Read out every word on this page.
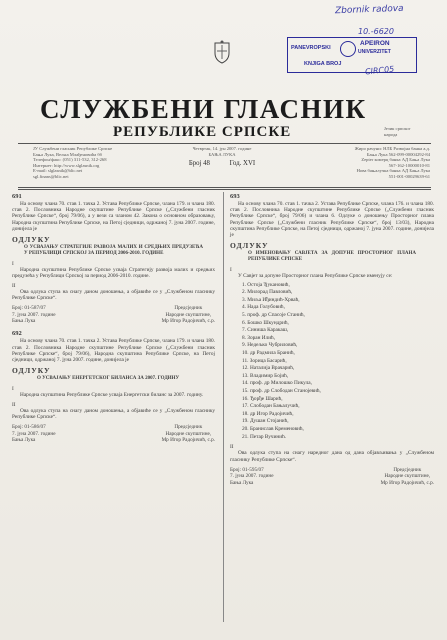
Zbornik radova
10.-6620
CIRC05
PANEVROPSKI
APEIRON
UNIVERZITET
KNJIGA BROJ
СЛУЖБЕНИ ГЛАСНИК
РЕПУБЛИКЕ СРПСКЕ	Језик српског народа
ЈУ Службени гласник Републике Српске
Бања Лука, Вељка Млађеновића бб
Телефон/факс: (051) 311-532, 312-268
Интернет: http://www.slglasnik.org
E-mail: slglasnik@blic.net
sgl.finans@blic.net
Четвртак, 14. јун 2007. године
БАЊА ЛУКА
Број 48	Год. XVI
Жиро рачуни: НЛБ Развојна банка а.д.
Бања Лука 562-099-00004292-84
Zepter комерц банка АД Бања Лука
567-162-10000010-81
Нова бањалучка банка АД Бања Лука
551-001-00029639-61

691

На основу члана 70. став 1. тачка 2. Устава Републике Српске, члана 179. и члана 180. став 2. Пословника Народне скупштине Републике Српске („Службени гласник Републике Српске“, број 79/06), а у вези са чланом 42. Закона о основном образовању, Народна скупштина Републике Српске, на Петој сједници, одржаној 7. јуна 2007. године, донијела је

ОДЛУКУ

О УСВАЈАЊУ СТРАТЕГИЈЕ РАЗВОЈА МАЛИХ И СРЕДЊИХ ПРЕДУЗЕЋА У РЕПУБЛИЦИ СРПСКОЈ ЗА ПЕРИОД 2006-2010. ГОДИНЕ

I

Народна скупштина Републике Српске усваја Стратегију развоја малих и средњих предузећа у Републици Српској за период 2006-2010. године.

II

Ова одлука ступа на снагу даном доношења, а објавиће се у „Службеном гласнику Републике Српске“.

Број: 01-587/07
7. јуна 2007. године
Бања Лука
Предсједник
Народне скупштине,
Мр Игор Радојичић, с.р.

692

На основу члана 70. став 1. тачка 2. Устава Републике Српске, члана 179. и члана 180. став 2. Пословника Народне скупштине Републике Српске („Службени гласник Републике Српске“, број 79/06), Народна скупштина Републике Српске, на Петој сједници, одржаној 7. јуна 2007. године, донијела је

ОДЛУКУ

О УСВАЈАЊУ ЕНЕРГЕТСКОГ БИЛАНСА ЗА 2007. ГОДИНУ

I

Народна скупштина Републике Српске усваја Енергетски биланс за 2007. годину.

II

Ова одлука ступа на снагу даном доношења, а објавиће се у „Службеном гласнику Републике Српске“.

Број: 01-586/07
7. јуна 2007. године
Бања Лука
Предсједник
Народне скупштине,
Мр Игор Радојичић, с.р.

693

На основу члана 70. став 1. тачка 2. Устава Републике Српске, члана 176. и члана 180. став 2. Пословника Народне скупштине Републике Српске („Службени гласник Републике Српске“, број 79/06) и члана 6. Одлуке о доношењу Просторног плана Републике Српске („Службени гласник Републике Српске“, број 13/03), Народна скупштина Републике Српске, на Петој сједници, одржаној 7. јуна 2007. године, донијела је

ОДЛУКУ

О ИМЕНОВАЊУ САВЈЕТА ЗА ДОПУНЕ ПРОСТОРНОГ ПЛАНА РЕПУБЛИКЕ СРПСКЕ

I

У Савјет за допуне Просторног плана Републике Српске именују се:

1. Остоја Ђукановић,
2. Милорад Павловић,
3. Миља Иђиндић-Хрваћ,
4. Нада Голубовић,
5. проф. др Спасоје Станић,
6. Бошко Шкундрић,
7. Синиша Каракаш,
8. Зоран Илић,
9. Недељко Чубриловић,
10. др Радмила Бранић,
11. Зорица Басарић,
12. Наталија Врачарић,
13. Владимир Бојић,
14. проф. др Милошко Пикула,
15. проф. др Слободан Станојевић,
16. Ђорђе Шарић,
17. Слободан Бањалучић,
18. др Игор Радојичић,
19. Душан Стојанић,
20. Бранислав Кременовић,
21. Петар Вучинић.

II

Ова одлука ступа на снагу наредног дана од дана објављивања у „Службеном гласнику Републике Српске“.

Број: 01-595/07
7. јуна 2007. године
Бања Лука
Предсједник
Народне скупштине,
Мр Игор Радојичић, с.р.
